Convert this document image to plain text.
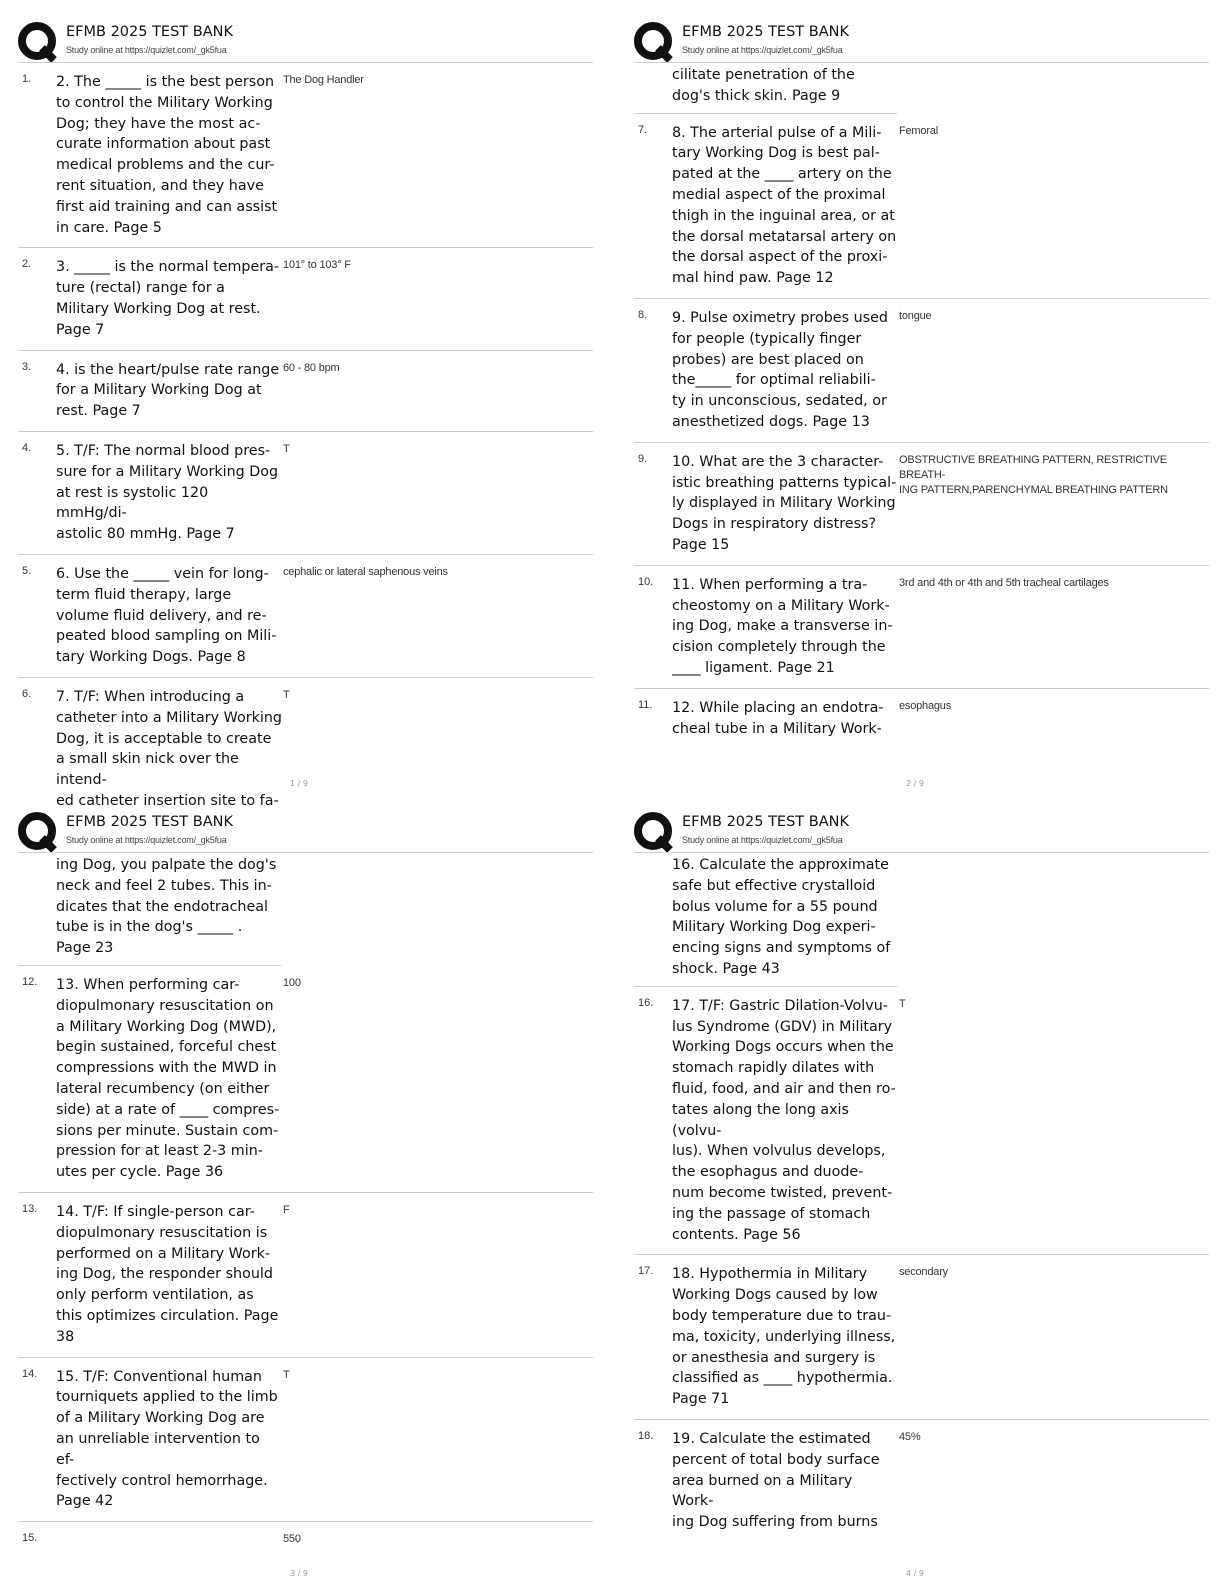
EFMB 2025 TEST BANK
Study online at https://quizlet.com/_gk5fua
1. 2. The _____ is the best person to control the Military Working Dog; they have the most ac-
curate information about past medical problems and the cur-
rent situation, and they have first aid training and can assist in care. Page 5
The Dog Handler
2. 3. _____ is the normal tempera-
ture (rectal) range for a Military Working Dog at rest. Page 7
101° to 103° F
3. 4. is the heart/pulse rate range for a Military Working Dog at rest. Page 7
60 - 80 bpm
4. 5. T/F: The normal blood pres-
sure for a Military Working Dog at rest is systolic 120 mmHg/di-
astolic 80 mmHg. Page 7
T
5. 6. Use the _____ vein for long-term fluid therapy, large volume fluid delivery, and re-
peated blood sampling on Mili-
tary Working Dogs. Page 8
cephalic or lateral saphenous veins
6. 7. T/F: When introducing a catheter into a Military Working Dog, it is acceptable to create a small skin nick over the intend-
ed catheter insertion site to fa-
T
1 / 9
EFMB 2025 TEST BANK
Study online at https://quizlet.com/_gk5fua
cilitate penetration of the dog's thick skin. Page 9
7. 8. The arterial pulse of a Mili-
tary Working Dog is best pal-
pated at the ____ artery on the medial aspect of the proximal thigh in the inguinal area, or at the dorsal metatarsal artery on the dorsal aspect of the proxi-
mal hind paw. Page 12
Femoral
8. 9. Pulse oximetry probes used for people (typically finger probes) are best placed on the_____ for optimal reliabili-
ty in unconscious, sedated, or anesthetized dogs. Page 13
tongue
9. 10. What are the 3 character-
istic breathing patterns typical-
ly displayed in Military Working Dogs in respiratory distress? Page 15
OBSTRUCTIVE BREATHING PATTERN, RESTRICTIVE BREATH-
ING PATTERN,PARENCHYMAL BREATHING PATTERN
10. 11. When performing a tra-
cheostomy on a Military Work-
ing Dog, make a transverse in-
cision completely through the ____ ligament. Page 21
3rd and 4th or 4th and 5th tracheal cartilages
11. 12. While placing an endotra-
cheal tube in a Military Work-
esophagus
2 / 9
EFMB 2025 TEST BANK
Study online at https://quizlet.com/_gk5fua
ing Dog, you palpate the dog's neck and feel 2 tubes. This in-
dicates that the endotracheal tube is in the dog's _____ . Page 23
12. 13. When performing car-
diopulmonary resuscitation on a Military Working Dog (MWD), begin sustained, forceful chest compressions with the MWD in lateral recumbency (on either side) at a rate of ____ compres-
sions per minute. Sustain com-
pression for at least 2-3 min-
utes per cycle. Page 36
100
13. 14. T/F: If single-person car-
diopulmonary resuscitation is performed on a Military Work-
ing Dog, the responder should only perform ventilation, as this optimizes circulation. Page 38
F
14. 15. T/F: Conventional human tourniquets applied to the limb of a Military Working Dog are an unreliable intervention to ef-
fectively control hemorrhage. Page 42
T
15.	550
3 / 9
EFMB 2025 TEST BANK
Study online at https://quizlet.com/_gk5fua
16. Calculate the approximate safe but effective crystalloid bolus volume for a 55 pound Military Working Dog experi-
encing signs and symptoms of shock. Page 43
16. 17. T/F: Gastric Dilation-Volvu-
lus Syndrome (GDV) in Military Working Dogs occurs when the stomach rapidly dilates with fluid, food, and air and then ro-
tates along the long axis (volvu-
lus). When volvulus develops, the esophagus and duode-
num become twisted, prevent-
ing the passage of stomach contents. Page 56
T
17. 18. Hypothermia in Military Working Dogs caused by low body temperature due to trau-
ma, toxicity, underlying illness, or anesthesia and surgery is classified as ____ hypothermia. Page 71
secondary
18. 19. Calculate the estimated percent of total body surface area burned on a Military Work-
ing Dog suffering from burns
45%
4 / 9
